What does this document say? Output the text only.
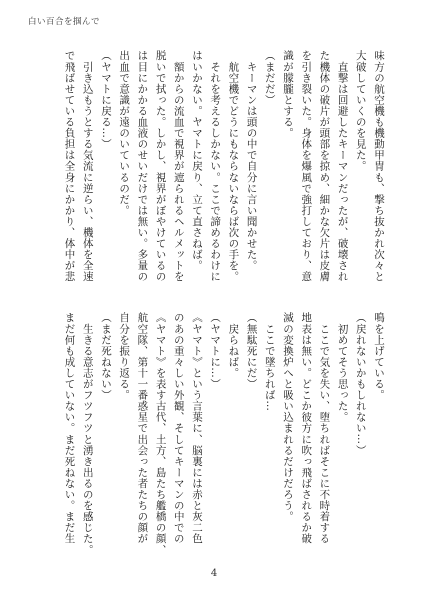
白い百合を掴んで
味方の航空機も機動甲冑も、撃ち抜かれ次々と
大破していくのを見た。
　直撃は回避したキーマンだったが、破壊され
た機体の破片が頭部を掠め、細かな欠片は皮膚
を引き裂いた。身体を爆風で強打しており、意
識が朦朧とする。
（まだだ）
　キーマンは頭の中で自分に言い聞かせた。
　航空機でどうにもならないならば次の手を。
　それを考えるしかない。ここで諦めるわけに
はいかない。ヤマトに戻り、立て直さねば。
　額からの流血で視界が遮られるヘルメットを
脱いで拭った。しかし、視界がぼやけているの
は目にかかる血液のせいだけでは無い。多量の
出血で意識が遠のいているのだ。
（ヤマトに戻る…）
　引き込もうとする気流に逆らい、機体を全速
で飛ばせている負担は全身にかかり、体中が悲
鳴を上げている。
（戻れないかもしれない…）
　初めてそう思った。
　ここで気を失い、堕ちればそこに不時着する
地表は無い。どこか彼方に吹っ飛ばされるか破
滅の変換炉へと吸い込まれるだけだろう。
　ここで墜ちれば…
（無駄死にだ）
　戻らねば。
（ヤマトに…）
《ヤマト》という言葉に、脳裏には赤と灰二色
のあの重々しい外観、そしてキーマンの中での
《ヤマト》を表す古代、土方、島たち艦橋の顔、
航空隊、第十一番惑星で出会った者たちの顔が
自分を振り返る。
（まだ死ねない）
　生きる意志がフツフツと湧き出るのを感じた。
まだ何も成していない。まだ死ねない。まだ生
4
